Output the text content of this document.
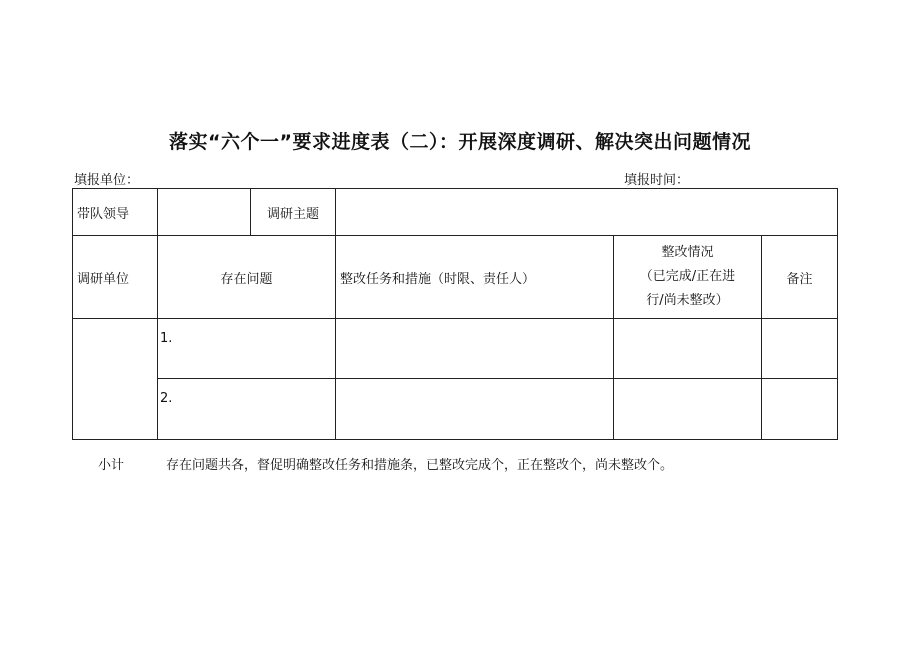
落实“六个一”要求进度表（二）：开展深度调研、解决突出问题情况
填报单位：	填报时间：
带队领导		调研主题			
调研单位	存在问题		整改任务和措施（时限、责任人）	整改情况
（已完成/正在进
行/尚未整改）	备注
	1.				
	2.				
小计	存在问题共各，督促明确整改任务和措施条，已整改完成个，正在整改个，尚未整改个。
